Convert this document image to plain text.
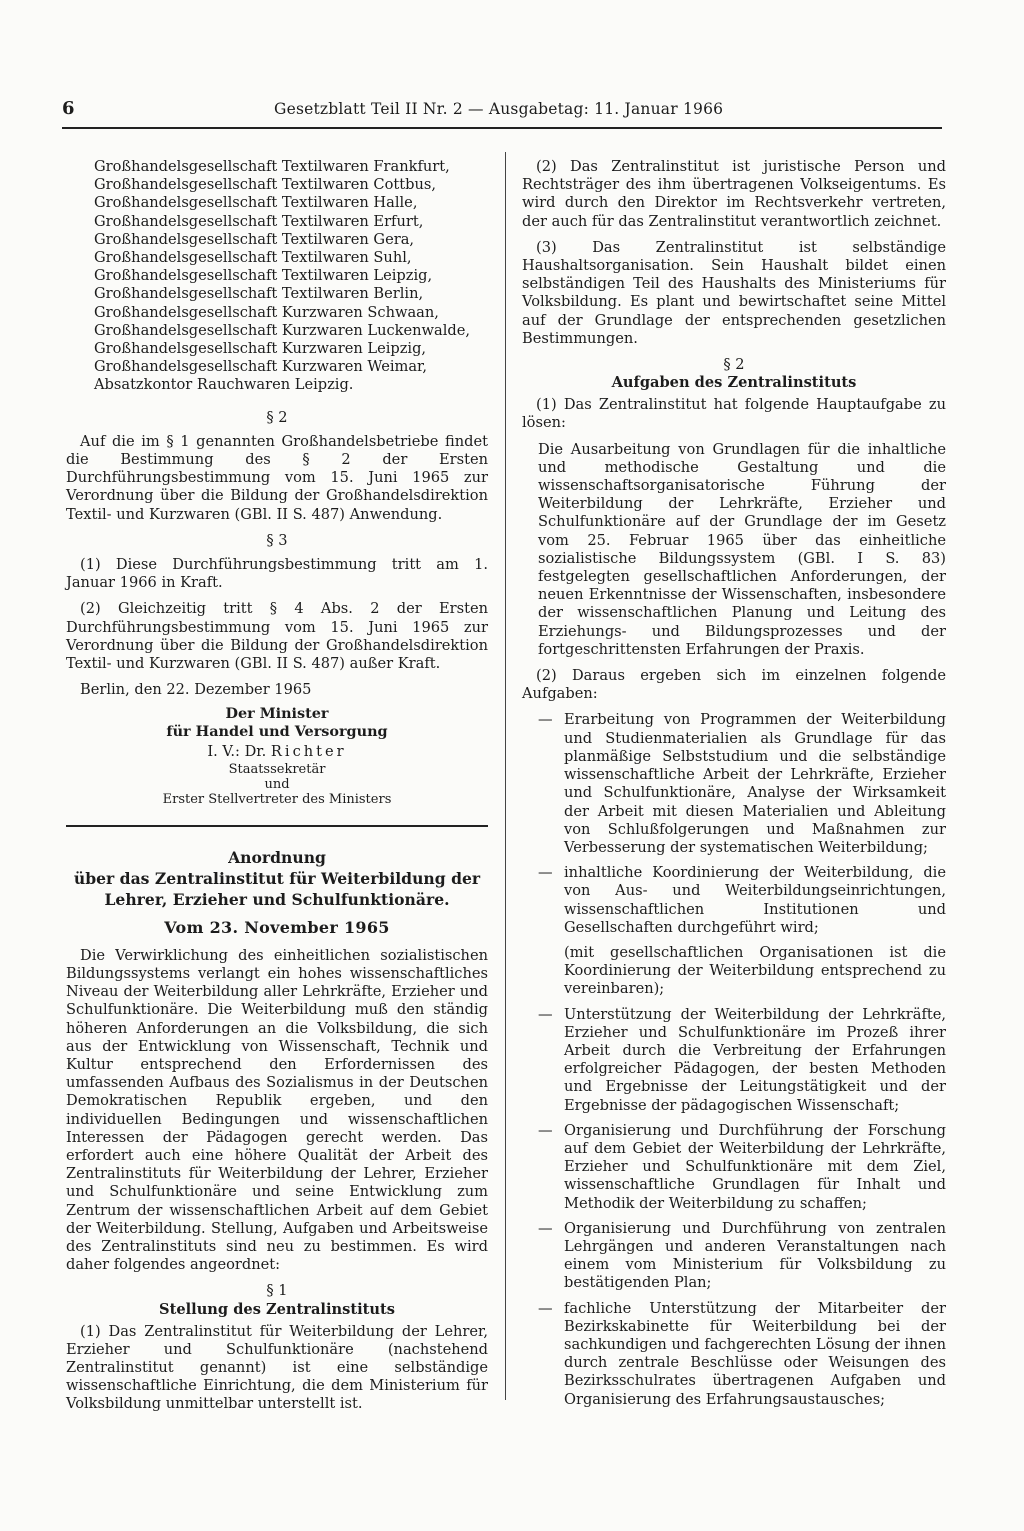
6	Gesetzblatt Teil II Nr. 2 — Ausgabetag: 11. Januar 1966
Großhandelsgesellschaft Textilwaren Frankfurt,
Großhandelsgesellschaft Textilwaren Cottbus,
Großhandelsgesellschaft Textilwaren Halle,
Großhandelsgesellschaft Textilwaren Erfurt,
Großhandelsgesellschaft Textilwaren Gera,
Großhandelsgesellschaft Textilwaren Suhl,
Großhandelsgesellschaft Textilwaren Leipzig,
Großhandelsgesellschaft Textilwaren Berlin,
Großhandelsgesellschaft Kurzwaren Schwaan,
Großhandelsgesellschaft Kurzwaren Luckenwalde,
Großhandelsgesellschaft Kurzwaren Leipzig,
Großhandelsgesellschaft Kurzwaren Weimar,
Absatzkontor Rauchwaren Leipzig.
§ 2

Auf die im § 1 genannten Großhandelsbetriebe findet die Bestimmung des § 2 der Ersten Durchführungsbestimmung vom 15. Juni 1965 zur Verordnung über die Bildung der Großhandelsdirektion Textil- und Kurzwaren (GBl. II S. 487) Anwendung.

§ 3

(1) Diese Durchführungsbestimmung tritt am 1. Januar 1966 in Kraft.

(2) Gleichzeitig tritt § 4 Abs. 2 der Ersten Durchführungsbestimmung vom 15. Juni 1965 zur Verordnung über die Bildung der Großhandelsdirektion Textil- und Kurzwaren (GBl. II S. 487) außer Kraft.

Berlin, den 22. Dezember 1965

Der Minister
für Handel und Versorgung
I. V.: Dr. Richter
Staatssekretär
und
Erster Stellvertreter des Ministers
Anordnung
über das Zentralinstitut für Weiterbildung der
Lehrer, Erzieher und Schulfunktionäre.
Vom 23. November 1965

Die Verwirklichung des einheitlichen sozialistischen Bildungssystems verlangt ein hohes wissenschaftliches Niveau der Weiterbildung aller Lehrkräfte, Erzieher und Schulfunktionäre. Die Weiterbildung muß den ständig höheren Anforderungen an die Volksbildung, die sich aus der Entwicklung von Wissenschaft, Technik und Kultur entsprechend den Erfordernissen des umfassenden Aufbaus des Sozialismus in der Deutschen Demokratischen Republik ergeben, und den individuellen Bedingungen und wissenschaftlichen Interessen der Pädagogen gerecht werden. Das erfordert auch eine höhere Qualität der Arbeit des Zentralinstituts für Weiterbildung der Lehrer, Erzieher und Schulfunktionäre und seine Entwicklung zum Zentrum der wissenschaftlichen Arbeit auf dem Gebiet der Weiterbildung. Stellung, Aufgaben und Arbeitsweise des Zentralinstituts sind neu zu bestimmen. Es wird daher folgendes angeordnet:

§ 1
Stellung des Zentralinstituts

(1) Das Zentralinstitut für Weiterbildung der Lehrer, Erzieher und Schulfunktionäre (nachstehend Zentralinstitut genannt) ist eine selbständige wissenschaftliche Einrichtung, die dem Ministerium für Volksbildung unmittelbar unterstellt ist.

(2) Das Zentralinstitut ist juristische Person und Rechtsträger des ihm übertragenen Volkseigentums. Es wird durch den Direktor im Rechtsverkehr vertreten, der auch für das Zentralinstitut verantwortlich zeichnet.

(3) Das Zentralinstitut ist selbständige Haushaltsorganisation. Sein Haushalt bildet einen selbständigen Teil des Haushalts des Ministeriums für Volksbildung. Es plant und bewirtschaftet seine Mittel auf der Grundlage der entsprechenden gesetzlichen Bestimmungen.

§ 2
Aufgaben des Zentralinstituts

(1) Das Zentralinstitut hat folgende Hauptaufgabe zu lösen:

Die Ausarbeitung von Grundlagen für die inhaltliche und methodische Gestaltung und die wissenschaftsorganisatorische Führung der Weiterbildung der Lehrkräfte, Erzieher und Schulfunktionäre auf der Grundlage der im Gesetz vom 25. Februar 1965 über das einheitliche sozialistische Bildungssystem (GBl. I S. 83) festgelegten gesellschaftlichen Anforderungen, der neuen Erkenntnisse der Wissenschaften, insbesondere der wissenschaftlichen Planung und Leitung des Erziehungs- und Bildungsprozesses und der fortgeschrittensten Erfahrungen der Praxis.

(2) Daraus ergeben sich im einzelnen folgende Aufgaben:

— Erarbeitung von Programmen der Weiterbildung und Studienmaterialien als Grundlage für das planmäßige Selbststudium und die selbständige wissenschaftliche Arbeit der Lehrkräfte, Erzieher und Schulfunktionäre, Analyse der Wirksamkeit der Arbeit mit diesen Materialien und Ableitung von Schlußfolgerungen und Maßnahmen zur Verbesserung der systematischen Weiterbildung;
— inhaltliche Koordinierung der Weiterbildung, die von Aus- und Weiterbildungseinrichtungen, wissenschaftlichen Institutionen und Gesellschaften durchgeführt wird;
(mit gesellschaftlichen Organisationen ist die Koordinierung der Weiterbildung entsprechend zu vereinbaren);
— Unterstützung der Weiterbildung der Lehrkräfte, Erzieher und Schulfunktionäre im Prozeß ihrer Arbeit durch die Verbreitung der Erfahrungen erfolgreicher Pädagogen, der besten Methoden und Ergebnisse der Leitungstätigkeit und der Ergebnisse der pädagogischen Wissenschaft;
— Organisierung und Durchführung der Forschung auf dem Gebiet der Weiterbildung der Lehrkräfte, Erzieher und Schulfunktionäre mit dem Ziel, wissenschaftliche Grundlagen für Inhalt und Methodik der Weiterbildung zu schaffen;
— Organisierung und Durchführung von zentralen Lehrgängen und anderen Veranstaltungen nach einem vom Ministerium für Volksbildung zu bestätigenden Plan;
— fachliche Unterstützung der Mitarbeiter der Bezirkskabinette für Weiterbildung bei der sachkundigen und fachgerechten Lösung der ihnen durch zentrale Beschlüsse oder Weisungen des Bezirksschulrates übertragenen Aufgaben und Organisierung des Erfahrungsaustausches;
